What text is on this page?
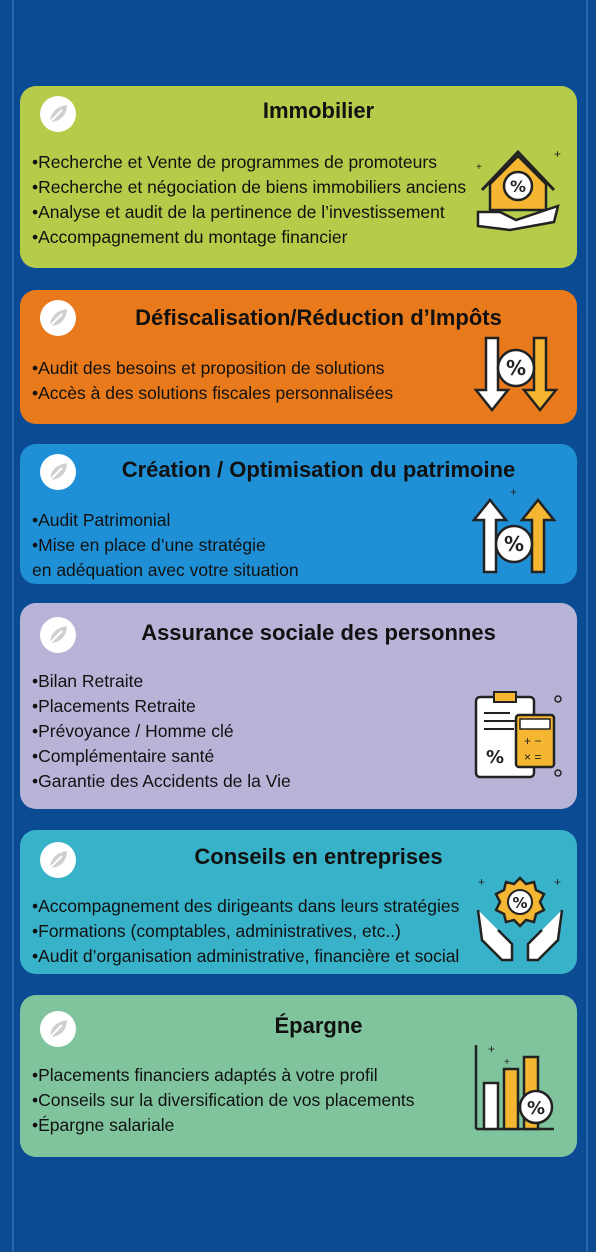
Immobilier
•Recherche et Vente de programmes de promoteurs
•Recherche et négociation de biens immobiliers anciens
•Analyse et audit de la pertinence de l’investissement
•Accompagnement du montage financier
%
+
+
Défiscalisation/Réduction d’Impôts
•Audit des besoins et proposition de solutions
•Accès à des solutions fiscales personnalisées
%
Création / Optimisation du patrimoine
•Audit Patrimonial
•Mise en place d’une stratégie
en adéquation avec votre situation
%
+
Assurance sociale des personnes
•Bilan Retraite
•Placements Retraite
•Prévoyance / Homme clé
•Complémentaire santé
•Garantie des Accidents de la Vie
%
+ −
× =
Conseils en entreprises
•Accompagnement des dirigeants dans leurs stratégies
•Formations (comptables, administratives, etc..)
•Audit d’organisation administrative, financière et social
%
+	+
Épargne
•Placements financiers adaptés à votre profil
•Conseils sur la diversification de vos placements
•Épargne salariale
%
+
+
